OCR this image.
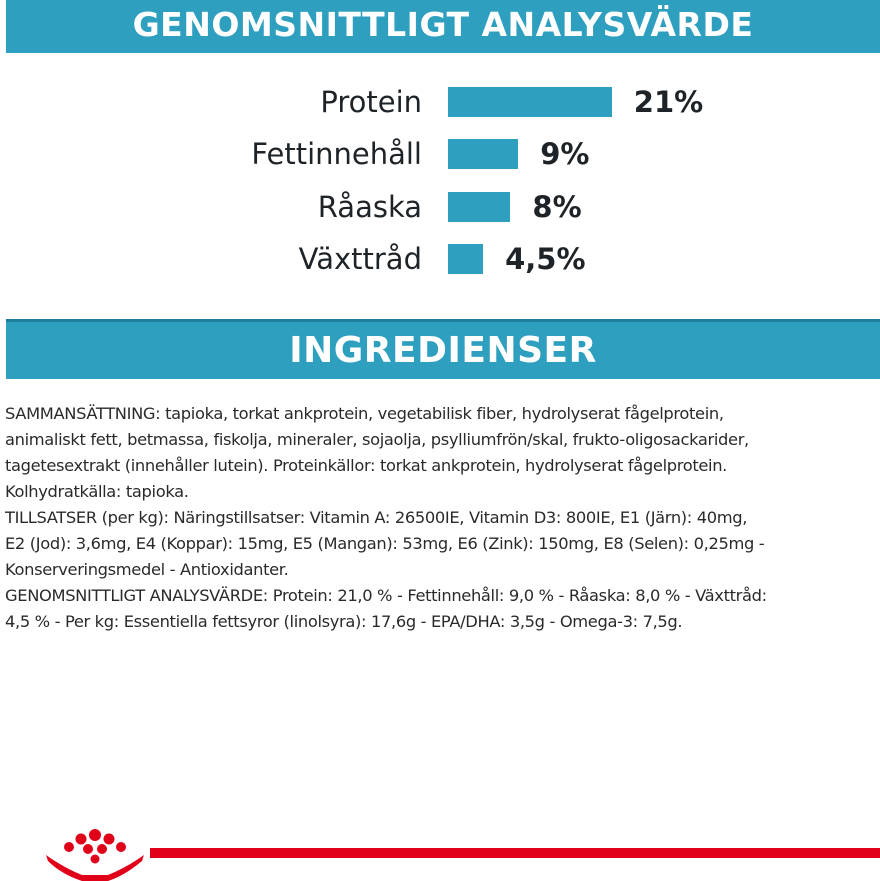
GENOMSNITTLIGT ANALYSVÄRDE
Protein	21%
Fettinnehåll	9%
Råaska	8%
Växttråd	4,5%
INGREDIENSER

SAMMANSÄTTNING: tapioka, torkat ankprotein, vegetabilisk fiber, hydrolyserat fågelprotein,

animaliskt fett, betmassa, fiskolja, mineraler, sojaolja, psylliumfrön/skal, frukto-oligosackarider,

tagetesextrakt (innehåller lutein). Proteinkällor: torkat ankprotein, hydrolyserat fågelprotein.

Kolhydratkälla: tapioka.

TILLSATSER (per kg): Näringstillsatser: Vitamin A: 26500IE, Vitamin D3: 800IE, E1 (Järn): 40mg,

E2 (Jod): 3,6mg, E4 (Koppar): 15mg, E5 (Mangan): 53mg, E6 (Zink): 150mg, E8 (Selen): 0,25mg -

Konserveringsmedel - Antioxidanter.

GENOMSNITTLIGT ANALYSVÄRDE: Protein: 21,0 % - Fettinnehåll: 9,0 % - Råaska: 8,0 % - Växttråd:

4,5 % - Per kg: Essentiella fettsyror (linolsyra): 17,6g - EPA/DHA: 3,5g - Omega-3: 7,5g.
